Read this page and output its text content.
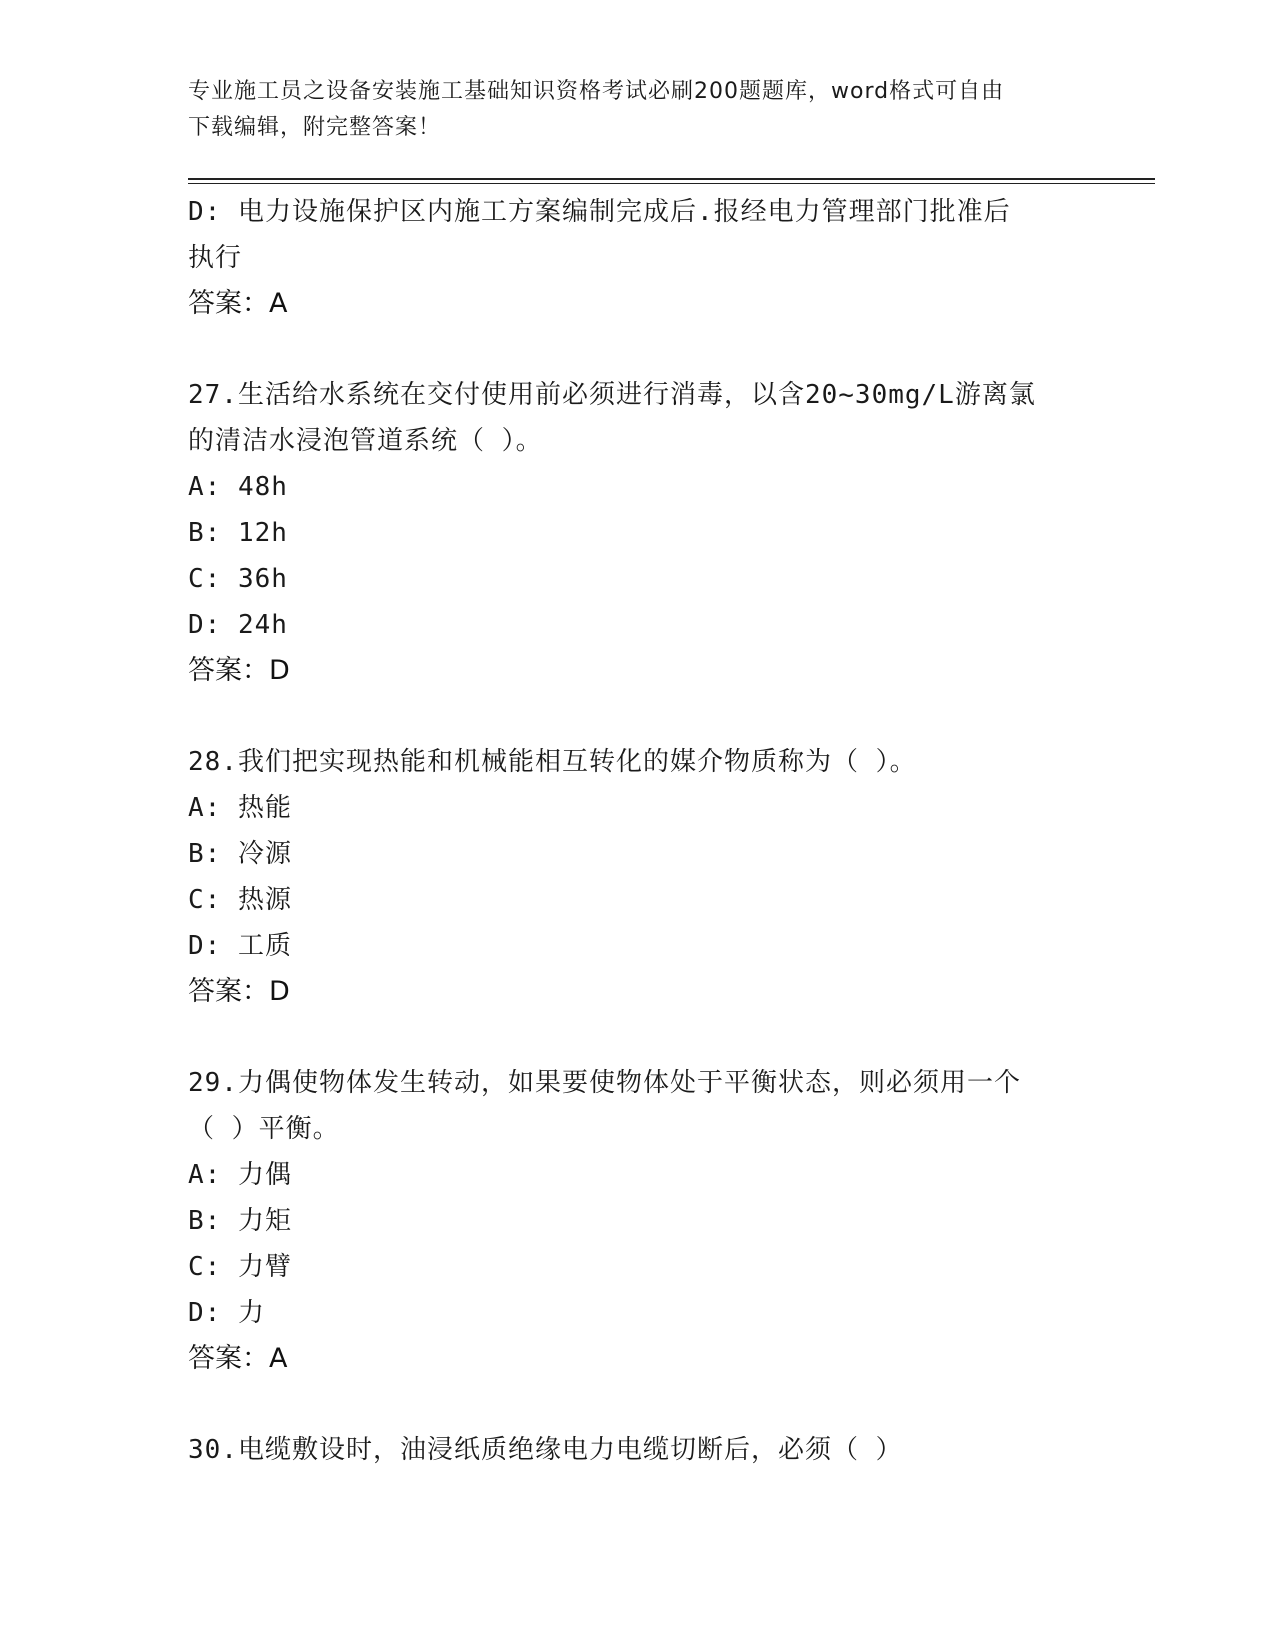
专业施工员之设备安装施工基础知识资格考试必刷200题题库，word格式可自由
下载编辑，附完整答案！
D: 电力设施保护区内施工方案编制完成后.报经电力管理部门批准后
执行
答案：A
27.生活给水系统在交付使用前必须进行消毒，以含20~30mg/L游离氯
的清洁水浸泡管道系统（ ）。
A: 48h
B: 12h
C: 36h
D: 24h
答案：D
28.我们把实现热能和机械能相互转化的媒介物质称为（ ）。
A: 热能
B: 冷源
C: 热源
D: 工质
答案：D
29.力偶使物体发生转动，如果要使物体处于平衡状态，则必须用一个
（ ）平衡。
A: 力偶
B: 力矩
C: 力臂
D: 力
答案：A
30.电缆敷设时，油浸纸质绝缘电力电缆切断后，必须（ ）
